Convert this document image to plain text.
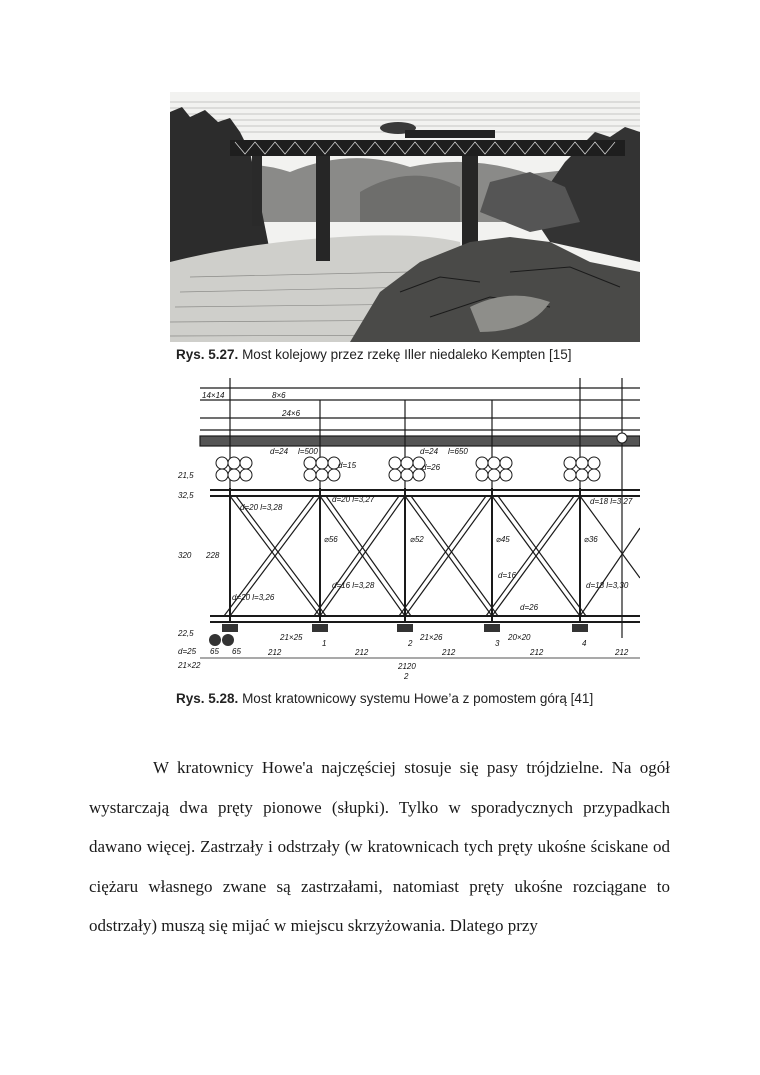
Rys. 5.27. Most kolejowy przez rzekę Iller niedaleko Kempten [15]
14×14	8×6
24×6
d=24 l=500
d=15
d=24 l=650
d=26
d=20 l=3,28
d=20 l=3,27	d=18 l=3,27
⌀56	⌀52	⌀45	⌀36
d=20 l=3,26
d=16 l=3,28
d=16
d=18 l=3,30
d=26
21,5
32,5
320 228
22,5	21×25	21×26	20×20
21×22
d=25 65 65	212	212	212	212	212
2120
2
1	2	3	4
Rys. 5.28. Most kratownicowy systemu Howe’a z pomostem górą [41]

W kratownicy Howe'a najczęściej stosuje się pasy trójdzielne. Na ogół wystarczają dwa pręty pionowe (słupki). Tylko w sporadycznych przypadkach dawano więcej. Zastrzały i odstrzały (w kratownicach tych pręty ukośne ściskane od ciężaru własnego zwane są zastrzałami, natomiast pręty ukośne rozciągane to odstrzały) muszą się mijać w miejscu skrzyżowania. Dlatego przy
